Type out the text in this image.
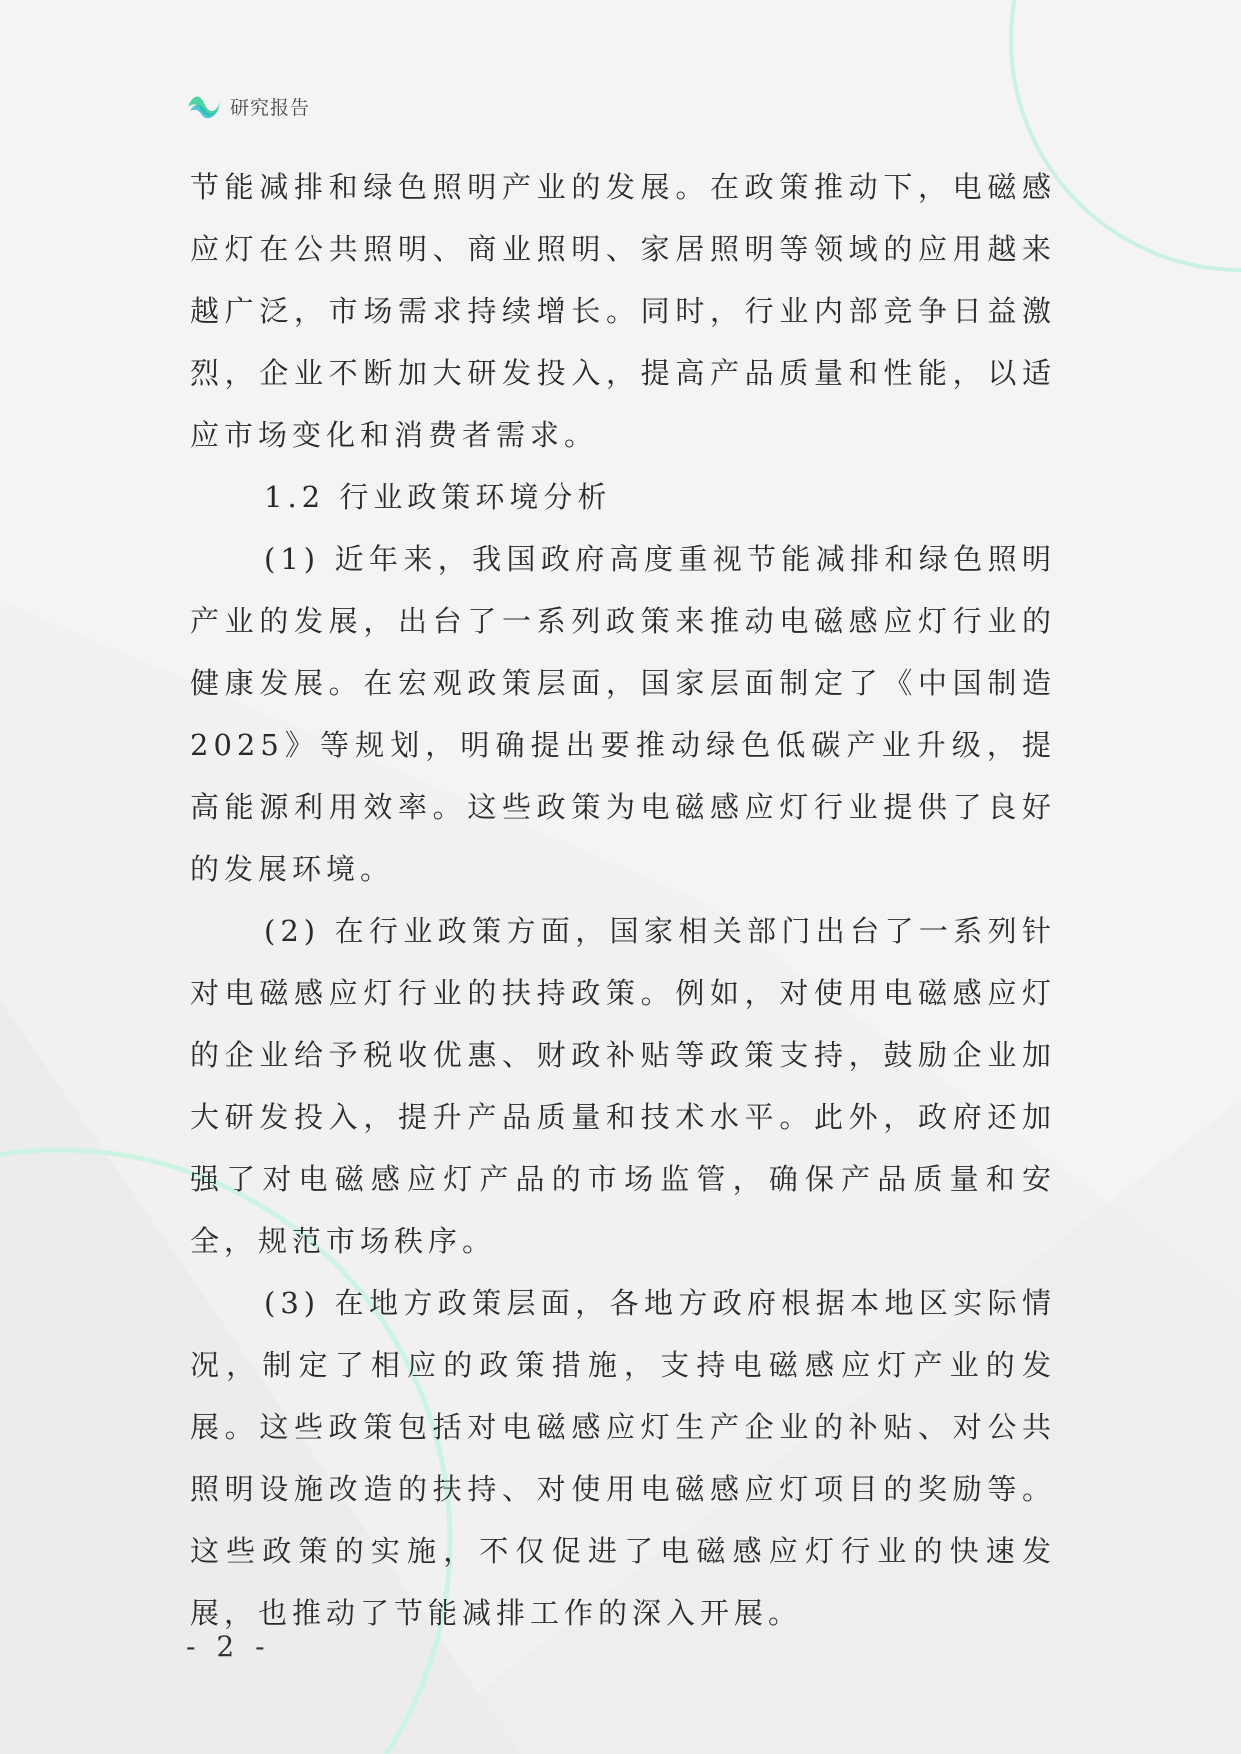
研究报告

节能减排和绿色照明产业的发展。在政策推动下，电磁感应灯在公共照明、商业照明、家居照明等领域的应用越来越广泛，市场需求持续增长。同时，行业内部竞争日益激烈，企业不断加大研发投入，提高产品质量和性能，以适应市场变化和消费者需求。

1.2 行业政策环境分析

(1) 近年来，我国政府高度重视节能减排和绿色照明产业的发展，出台了一系列政策来推动电磁感应灯行业的健康发展。在宏观政策层面，国家层面制定了《中国制造 2025》等规划，明确提出要推动绿色低碳产业升级，提高能源利用效率。这些政策为电磁感应灯行业提供了良好的发展环境。

(2) 在行业政策方面，国家相关部门出台了一系列针对电磁感应灯行业的扶持政策。例如，对使用电磁感应灯的企业给予税收优惠、财政补贴等政策支持，鼓励企业加大研发投入，提升产品质量和技术水平。此外，政府还加强了对电磁感应灯产品的市场监管，确保产品质量和安全，规范市场秩序。

(3) 在地方政策层面，各地方政府根据本地区实际情况，制定了相应的政策措施，支持电磁感应灯产业的发展。这些政策包括对电磁感应灯生产企业的补贴、对公共照明设施改造的扶持、对使用电磁感应灯项目的奖励等。这些政策的实施，不仅促进了电磁感应灯行业的快速发展，也推动了节能减排工作的深入开展。

- 2 -
